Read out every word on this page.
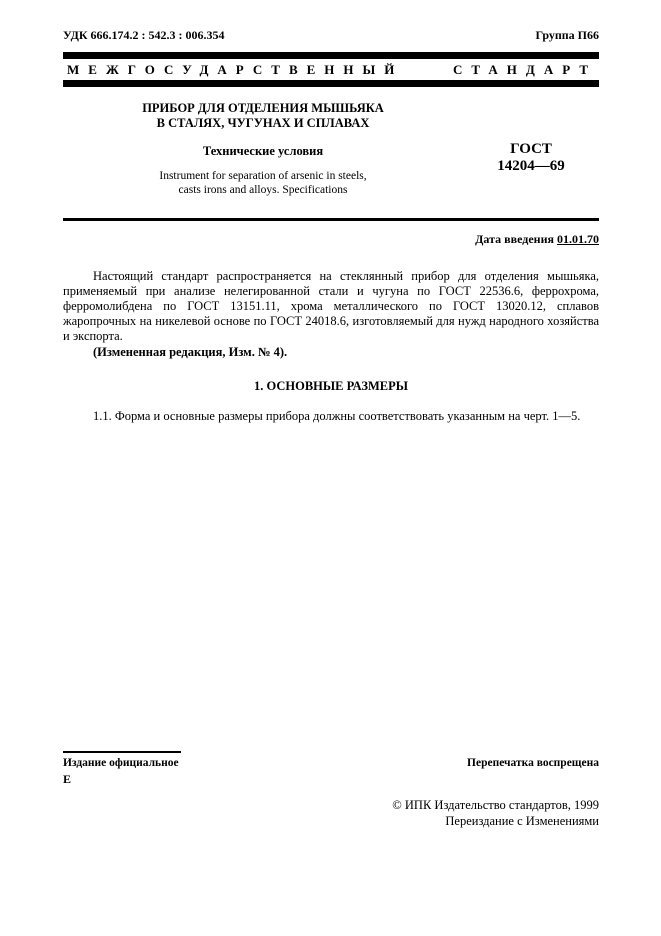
УДК 666.174.2 : 542.3 : 006.354	Группа П66
МЕЖГОСУДАРСТВЕННЫЙ	СТАНДАРТ
ПРИБОР ДЛЯ ОТДЕЛЕНИЯ МЫШЬЯКА
В СТАЛЯХ, ЧУГУНАХ И СПЛАВАХ
Технические условия
Instrument for separation of arsenic in steels,
casts irons and alloys. Specifications
ГОСТ
14204—69
Дата введения 01.01.70

Настоящий стандарт распространяется на стеклянный прибор для отделения мышьяка, применяемый при анализе нелегированной стали и чугуна по ГОСТ 22536.6, феррохрома, ферромолибдена по ГОСТ 13151.11, хрома металлического по ГОСТ 13020.12, сплавов жаропрочных на никелевой основе по ГОСТ 24018.6, изготовляемый для нужд народного хозяйства и экспорта.

(Измененная редакция, Изм. № 4).

1. ОСНОВНЫЕ РАЗМЕРЫ

1.1. Форма и основные размеры прибора должны соответствовать указанным на черт. 1—5.

Издание официальное
Е
Перепечатка воспрещена
© ИПК Издательство стандартов, 1999
Переиздание с Изменениями
